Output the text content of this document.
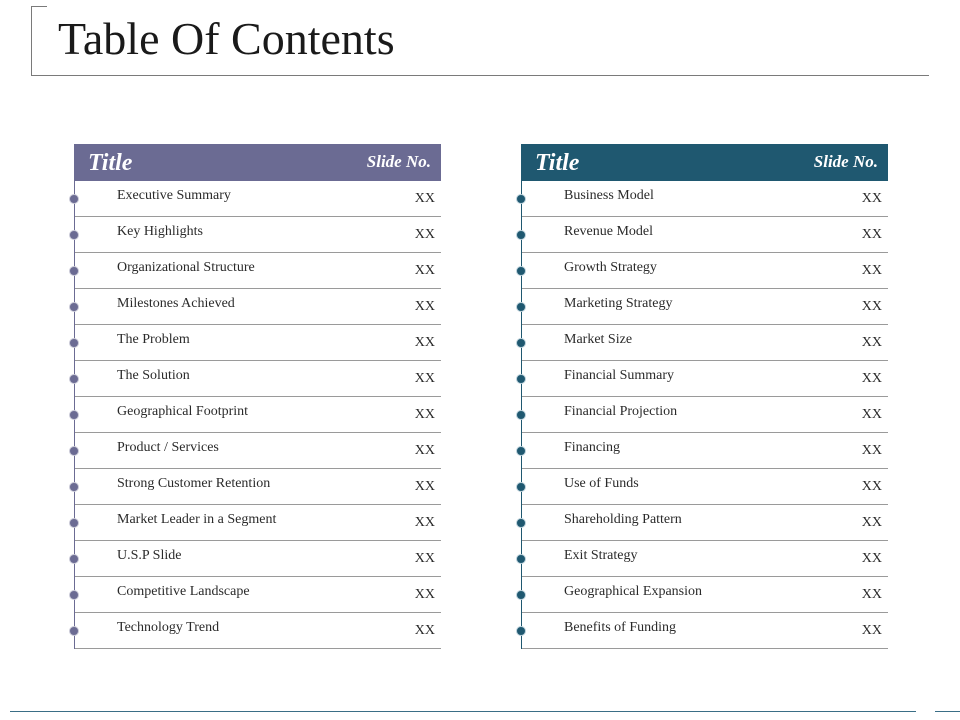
Table Of Contents
Title	Slide No.
Executive Summary	XX
Key Highlights	XX
Organizational Structure	XX
Milestones Achieved	XX
The Problem	XX
The Solution	XX
Geographical Footprint	XX
Product / Services	XX
Strong Customer Retention	XX
Market Leader in a Segment	XX
U.S.P Slide	XX
Competitive Landscape	XX
Technology Trend	XX
Title	Slide No.
Business Model	XX
Revenue Model	XX
Growth Strategy	XX
Marketing Strategy	XX
Market Size	XX
Financial Summary	XX
Financial Projection	XX
Financing	XX
Use of Funds	XX
Shareholding Pattern	XX
Exit Strategy	XX
Geographical Expansion	XX
Benefits of Funding	XX
